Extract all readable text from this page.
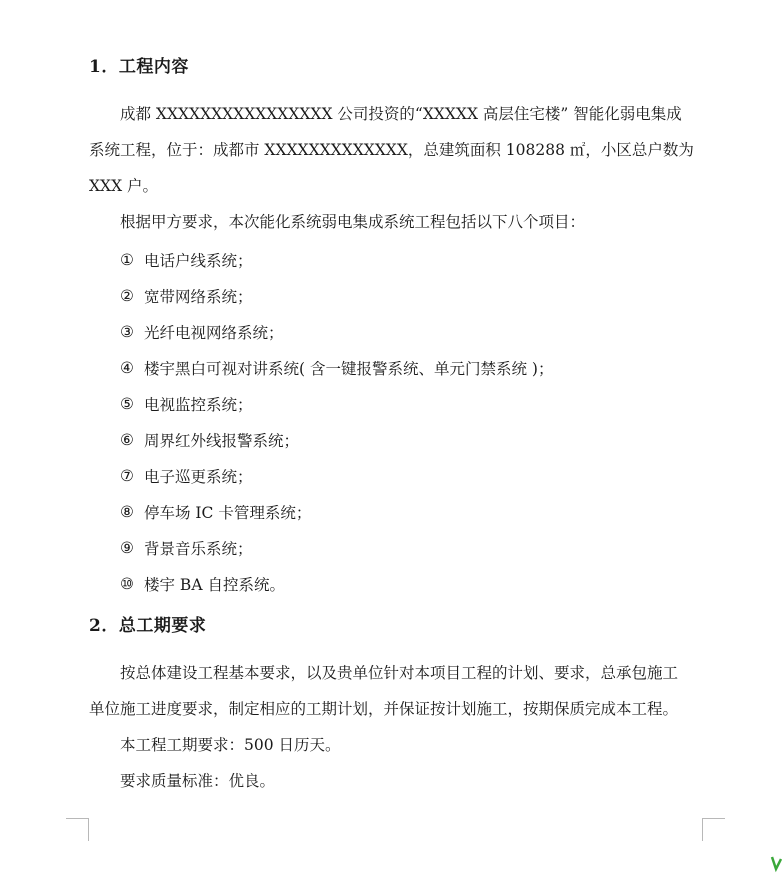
1．工程内容
成都 XXXXXXXXXXXXXXXX 公司投资的“XXXXX 高层住宅楼” 智能化弱电集成
系统工程，位于：成都市 XXXXXXXXXXXXX，总建筑面积 108288 ㎡，小区总户数为
XXX 户。
根据甲方要求，本次能化系统弱电集成系统工程包括以下八个项目：
① 电话户线系统；
② 宽带网络系统；
③ 光纤电视网络系统；
④ 楼宇黑白可视对讲系统( 含一键报警系统、单元门禁系统 )；
⑤ 电视监控系统；
⑥ 周界红外线报警系统；
⑦ 电子巡更系统；
⑧ 停车场 IC 卡管理系统；
⑨ 背景音乐系统；
⑩ 楼宇 BA 自控系统。
2．总工期要求
按总体建设工程基本要求，以及贵单位针对本项目工程的计划、要求，总承包施工
单位施工进度要求，制定相应的工期计划，并保证按计划施工，按期保质完成本工程。
本工程工期要求：500 日历天。
要求质量标准：优良。
